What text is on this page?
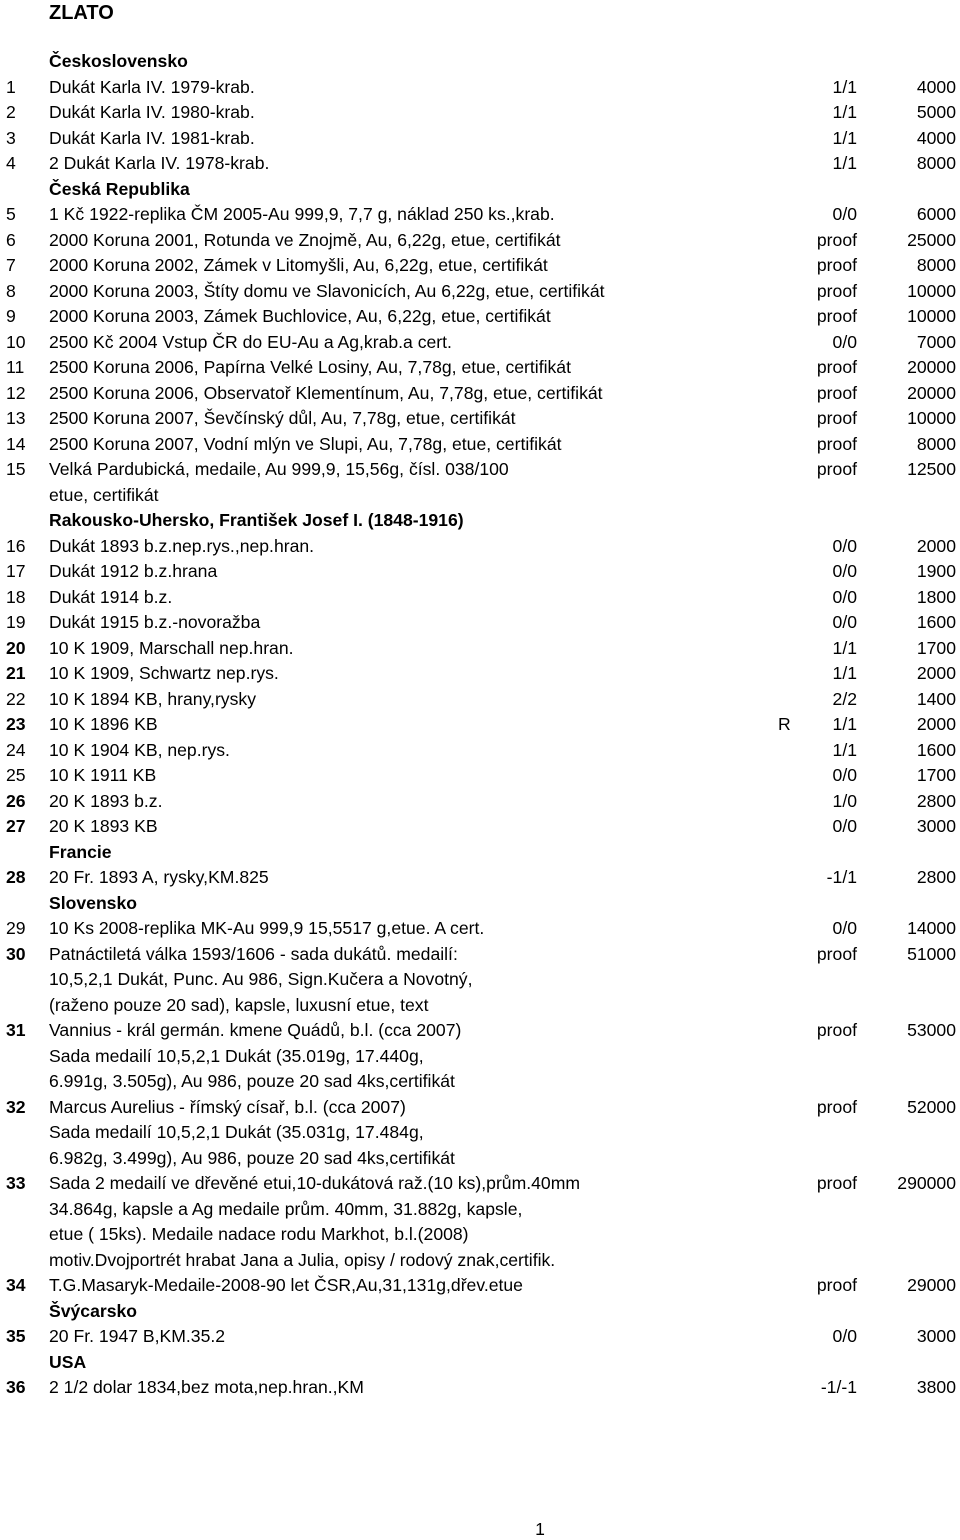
ZLATO
Československo
1 Dukát Karla IV. 1979-krab.	1/1	4000
2 Dukát Karla IV. 1980-krab.	1/1	5000
3 Dukát Karla IV. 1981-krab.	1/1	4000
4 2 Dukát Karla IV. 1978-krab.	1/1	8000
Česká Republika
5 1 Kč 1922-replika ČM 2005-Au 999,9, 7,7 g, náklad 250 ks.,krab.	0/0	6000
6 2000 Koruna 2001, Rotunda ve Znojmě, Au, 6,22g, etue, certifikát	proof	25000
7 2000 Koruna 2002, Zámek v Litomyšli, Au, 6,22g, etue, certifikát	proof	8000
8 2000 Koruna 2003, Štíty domu ve Slavonicích, Au 6,22g, etue, certifikát	proof	10000
9 2000 Koruna 2003, Zámek Buchlovice, Au, 6,22g, etue, certifikát	proof	10000
10 2500 Kč 2004 Vstup ČR do EU-Au a Ag,krab.a cert.	0/0	7000
11 2500 Koruna 2006, Papírna Velké Losiny, Au, 7,78g, etue, certifikát	proof	20000
12 2500 Koruna 2006, Observatoř Klementínum, Au, 7,78g, etue, certifikát	proof	20000
13 2500 Koruna 2007, Ševčínský důl, Au, 7,78g, etue, certifikát	proof	10000
14 2500 Koruna 2007, Vodní mlýn ve Slupi, Au, 7,78g, etue, certifikát	proof	8000
15 Velká Pardubická, medaile, Au 999,9, 15,56g, čísl. 038/100	proof	12500
etue, certifikát
Rakousko-Uhersko, František Josef I. (1848-1916)
16 Dukát 1893 b.z.nep.rys.,nep.hran.	0/0	2000
17 Dukát 1912 b.z.hrana	0/0	1900
18 Dukát 1914 b.z.	0/0	1800
19 Dukát 1915 b.z.-novoražba	0/0	1600
20 10 K 1909, Marschall nep.hran.	1/1	1700
21 10 K 1909, Schwartz nep.rys.	1/1	2000
22 10 K 1894 KB, hrany,rysky	2/2	1400
23 10 K 1896 KB	R 1/1	2000
24 10 K 1904 KB, nep.rys.	1/1	1600
25 10 K 1911 KB	0/0	1700
26 20 K 1893 b.z.	1/0	2800
27 20 K 1893 KB	0/0	3000
Francie
28 20 Fr. 1893 A, rysky,KM.825	-1/1	2800
Slovensko
29 10 Ks 2008-replika MK-Au 999,9 15,5517 g,etue. A cert.	0/0	14000
30 Patnáctiletá válka 1593/1606 - sada dukátů. medailí:	proof	51000
10,5,2,1 Dukát, Punc. Au 986, Sign.Kučera a Novotný,
(raženo pouze 20 sad), kapsle, luxusní etue, text
31 Vannius - král germán. kmene Quádů, b.l. (cca 2007)	proof	53000
Sada medailí 10,5,2,1 Dukát (35.019g, 17.440g,
6.991g, 3.505g), Au 986, pouze 20 sad 4ks,certifikát
32 Marcus Aurelius - římský císař, b.l. (cca 2007)	proof	52000
Sada medailí 10,5,2,1 Dukát (35.031g, 17.484g,
6.982g, 3.499g), Au 986, pouze 20 sad 4ks,certifikát
33 Sada 2 medailí ve dřevěné etui,10-dukátová raž.(10 ks),prům.40mm	proof 290000
34.864g, kapsle a Ag medaile prům. 40mm, 31.882g, kapsle,
etue ( 15ks). Medaile nadace rodu Markhot, b.l.(2008)
motiv.Dvojportrét hrabat Jana a Julia, opisy / rodový znak,certifik.
34 T.G.Masaryk-Medaile-2008-90 let ČSR,Au,31,131g,dřev.etue	proof	29000
Švýcarsko
35 20 Fr. 1947 B,KM.35.2	0/0	3000
USA
36 2 1/2 dolar 1834,bez mota,nep.hran.,KM	-1/-1	3800
1
